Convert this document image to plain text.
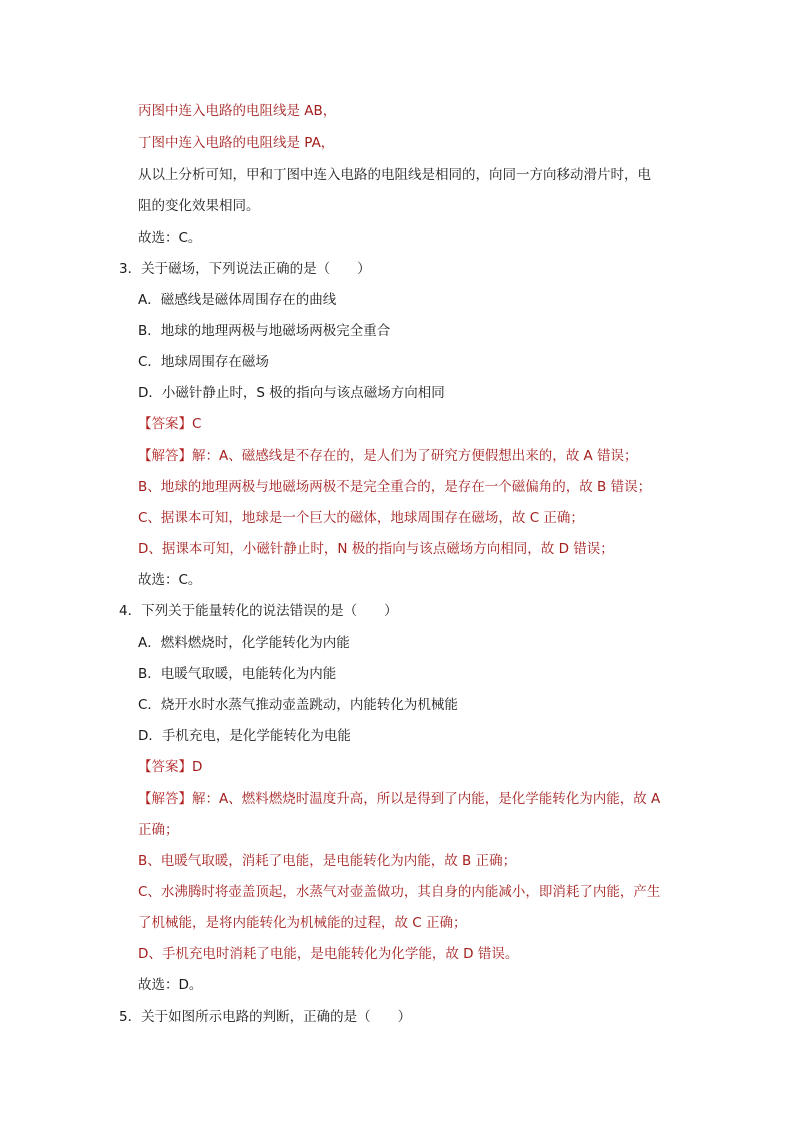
丙图中连入电路的电阻线是 AB，
丁图中连入电路的电阻线是 PA，
从以上分析可知，甲和丁图中连入电路的电阻线是相同的，向同一方向移动滑片时，电
阻的变化效果相同。
故选：C。
3．关于磁场，下列说法正确的是（　　）
A．磁感线是磁体周围存在的曲线
B．地球的地理两极与地磁场两极完全重合
C．地球周围存在磁场
D．小磁针静止时，S 极的指向与该点磁场方向相同
【答案】C
【解答】解：A、磁感线是不存在的，是人们为了研究方便假想出来的，故 A 错误；
B、地球的地理两极与地磁场两极不是完全重合的，是存在一个磁偏角的，故 B 错误；
C、据课本可知，地球是一个巨大的磁体，地球周围存在磁场，故 C 正确；
D、据课本可知，小磁针静止时，N 极的指向与该点磁场方向相同，故 D 错误；
故选：C。
4．下列关于能量转化的说法错误的是（　　）
A．燃料燃烧时，化学能转化为内能
B．电暖气取暖，电能转化为内能
C．烧开水时水蒸气推动壶盖跳动，内能转化为机械能
D．手机充电，是化学能转化为电能
【答案】D
【解答】解：A、燃料燃烧时温度升高，所以是得到了内能，是化学能转化为内能，故 A
正确；
B、电暖气取暖，消耗了电能，是电能转化为内能，故 B 正确；
C、水沸腾时将壶盖顶起，水蒸气对壶盖做功，其自身的内能减小，即消耗了内能，产生
了机械能，是将内能转化为机械能的过程，故 C 正确；
D、手机充电时消耗了电能，是电能转化为化学能，故 D 错误。
故选：D。
5．关于如图所示电路的判断，正确的是（　　）
